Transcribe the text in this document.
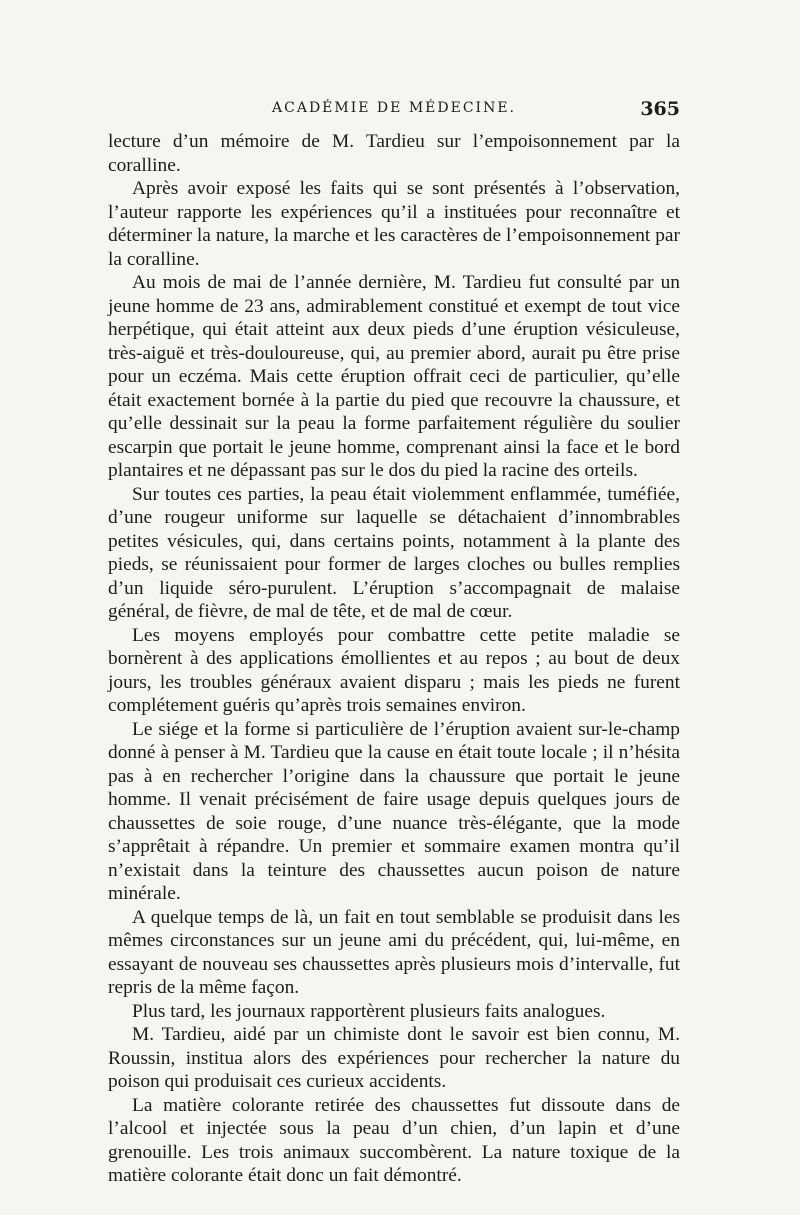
ACADÉMIE DE MÉDECINE.	365

lecture d’un mémoire de M. Tardieu sur l’empoisonnement par la coralline.

Après avoir exposé les faits qui se sont présentés à l’observation, l’auteur rapporte les expériences qu’il a instituées pour reconnaître et déterminer la nature, la marche et les caractères de l’empoisonnement par la coralline.

Au mois de mai de l’année dernière, M. Tardieu fut consulté par un jeune homme de 23 ans, admirablement constitué et exempt de tout vice herpétique, qui était atteint aux deux pieds d’une éruption vésiculeuse, très-aiguë et très-douloureuse, qui, au premier abord, aurait pu être prise pour un eczéma. Mais cette éruption offrait ceci de particulier, qu’elle était exactement bornée à la partie du pied que recouvre la chaussure, et qu’elle dessinait sur la peau la forme parfaitement régulière du soulier escarpin que portait le jeune homme, comprenant ainsi la face et le bord plantaires et ne dépassant pas sur le dos du pied la racine des orteils.

Sur toutes ces parties, la peau était violemment enflammée, tuméfiée, d’une rougeur uniforme sur laquelle se détachaient d’innombrables petites vésicules, qui, dans certains points, notamment à la plante des pieds, se réunissaient pour former de larges cloches ou bulles remplies d’un liquide séro-purulent. L’éruption s’accompagnait de malaise général, de fièvre, de mal de tête, et de mal de cœur.

Les moyens employés pour combattre cette petite maladie se bornèrent à des applications émollientes et au repos ; au bout de deux jours, les troubles généraux avaient disparu ; mais les pieds ne furent complétement guéris qu’après trois semaines environ.

Le siége et la forme si particulière de l’éruption avaient sur-le-champ donné à penser à M. Tardieu que la cause en était toute locale ; il n’hésita pas à en rechercher l’origine dans la chaussure que portait le jeune homme. Il venait précisément de faire usage depuis quelques jours de chaussettes de soie rouge, d’une nuance très-élégante, que la mode s’apprêtait à répandre. Un premier et sommaire examen montra qu’il n’existait dans la teinture des chaussettes aucun poison de nature minérale.

A quelque temps de là, un fait en tout semblable se produisit dans les mêmes circonstances sur un jeune ami du précédent, qui, lui-même, en essayant de nouveau ses chaussettes après plusieurs mois d’intervalle, fut repris de la même façon.

Plus tard, les journaux rapportèrent plusieurs faits analogues.

M. Tardieu, aidé par un chimiste dont le savoir est bien connu, M. Roussin, institua alors des expériences pour rechercher la nature du poison qui produisait ces curieux accidents.

La matière colorante retirée des chaussettes fut dissoute dans de l’alcool et injectée sous la peau d’un chien, d’un lapin et d’une grenouille. Les trois animaux succombèrent. La nature toxique de la matière colorante était donc un fait démontré.
